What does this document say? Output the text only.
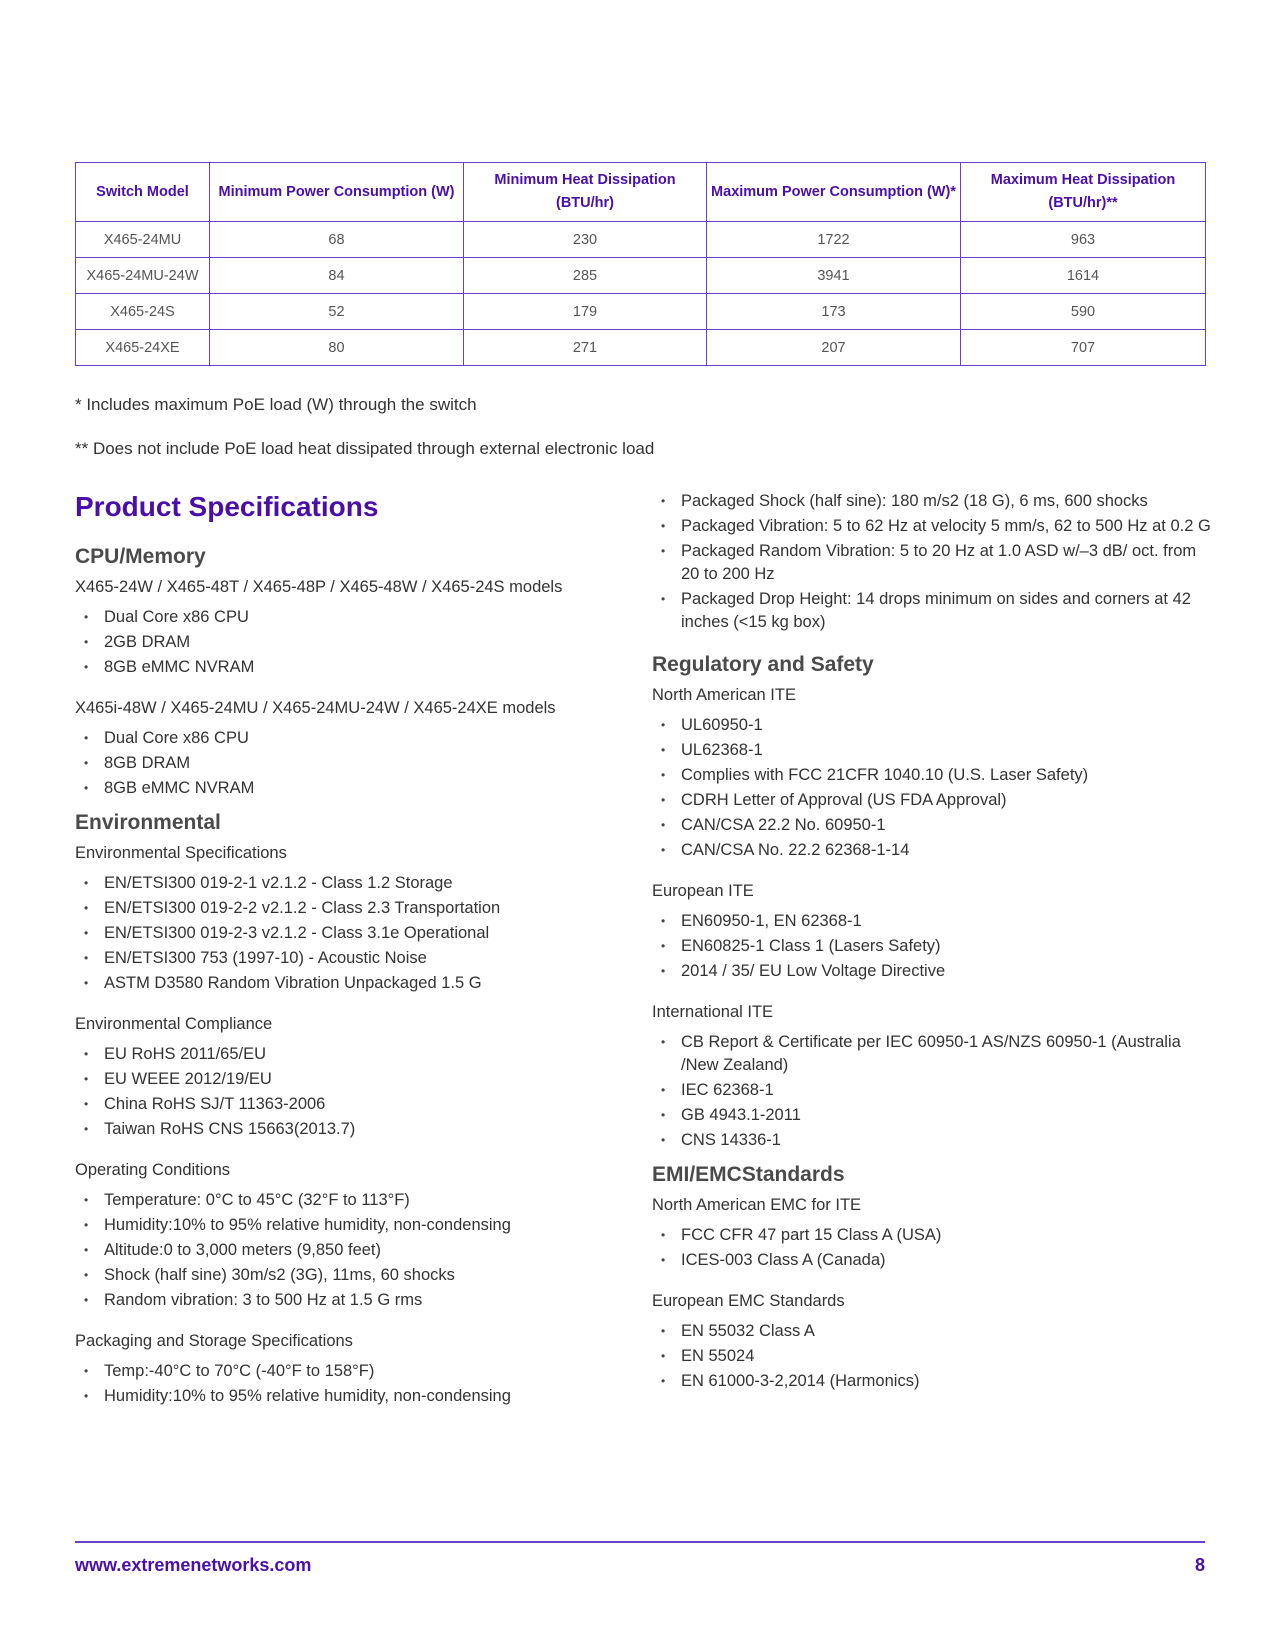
Switch Model	Minimum Power Consumption (W)	Minimum Heat Dissipation (BTU/hr)	Maximum Power Consumption (W)*	Maximum Heat Dissipation (BTU/hr)**
X465-24MU	68	230	1722	963
X465-24MU-24W	84	285	3941	1614
X465-24S	52	179	173	590
X465-24XE	80	271	207	707
* Includes maximum PoE load (W) through the switch
** Does not include PoE load heat dissipated through external electronic load
Product Specifications
CPU/Memory
X465-24W / X465-48T / X465-48P / X465-48W / X465-24S models
• Dual Core x86 CPU
• 2GB DRAM
• 8GB eMMC NVRAM
X465i-48W / X465-24MU / X465-24MU-24W / X465-24XE models
• Dual Core x86 CPU
• 8GB DRAM
• 8GB eMMC NVRAM
Environmental
Environmental Specifications
• EN/ETSI300 019-2-1 v2.1.2 - Class 1.2 Storage
• EN/ETSI300 019-2-2 v2.1.2 - Class 2.3 Transportation
• EN/ETSI300 019-2-3 v2.1.2 - Class 3.1e Operational
• EN/ETSI300 753 (1997-10) - Acoustic Noise
• ASTM D3580 Random Vibration Unpackaged 1.5 G
Environmental Compliance
• EU RoHS 2011/65/EU
• EU WEEE 2012/19/EU
• China RoHS SJ/T 11363-2006
• Taiwan RoHS CNS 15663(2013.7)
Operating Conditions
• Temperature: 0°C to 45°C (32°F to 113°F)
• Humidity:10% to 95% relative humidity, non-condensing
• Altitude:0 to 3,000 meters (9,850 feet)
• Shock (half sine) 30m/s2 (3G), 11ms, 60 shocks
• Random vibration: 3 to 500 Hz at 1.5 G rms
Packaging and Storage Specifications
• Temp:-40°C to 70°C (-40°F to 158°F)
• Humidity:10% to 95% relative humidity, non-condensing
• Packaged Shock (half sine): 180 m/s2 (18 G), 6 ms, 600 shocks
• Packaged Vibration: 5 to 62 Hz at velocity 5 mm/s, 62 to 500 Hz at 0.2 G
• Packaged Random Vibration: 5 to 20 Hz at 1.0 ASD w/–3 dB/ oct. from 20 to 200 Hz
• Packaged Drop Height: 14 drops minimum on sides and corners at 42 inches (<15 kg box)
Regulatory and Safety
North American ITE
• UL60950-1
• UL62368-1
• Complies with FCC 21CFR 1040.10 (U.S. Laser Safety)
• CDRH Letter of Approval (US FDA Approval)
• CAN/CSA 22.2 No. 60950-1
• CAN/CSA No. 22.2 62368-1-14
European ITE
• EN60950-1, EN 62368-1
• EN60825-1 Class 1 (Lasers Safety)
• 2014 / 35/ EU Low Voltage Directive
International ITE
• CB Report & Certificate per IEC 60950-1 AS/NZS 60950-1 (Australia /New Zealand)
• IEC 62368-1
• GB 4943.1-2011
• CNS 14336-1
EMI/EMCStandards
North American EMC for ITE
• FCC CFR 47 part 15 Class A (USA)
• ICES-003 Class A (Canada)
European EMC Standards
• EN 55032 Class A
• EN 55024
• EN 61000-3-2,2014 (Harmonics)
www.extremenetworks.com	8
